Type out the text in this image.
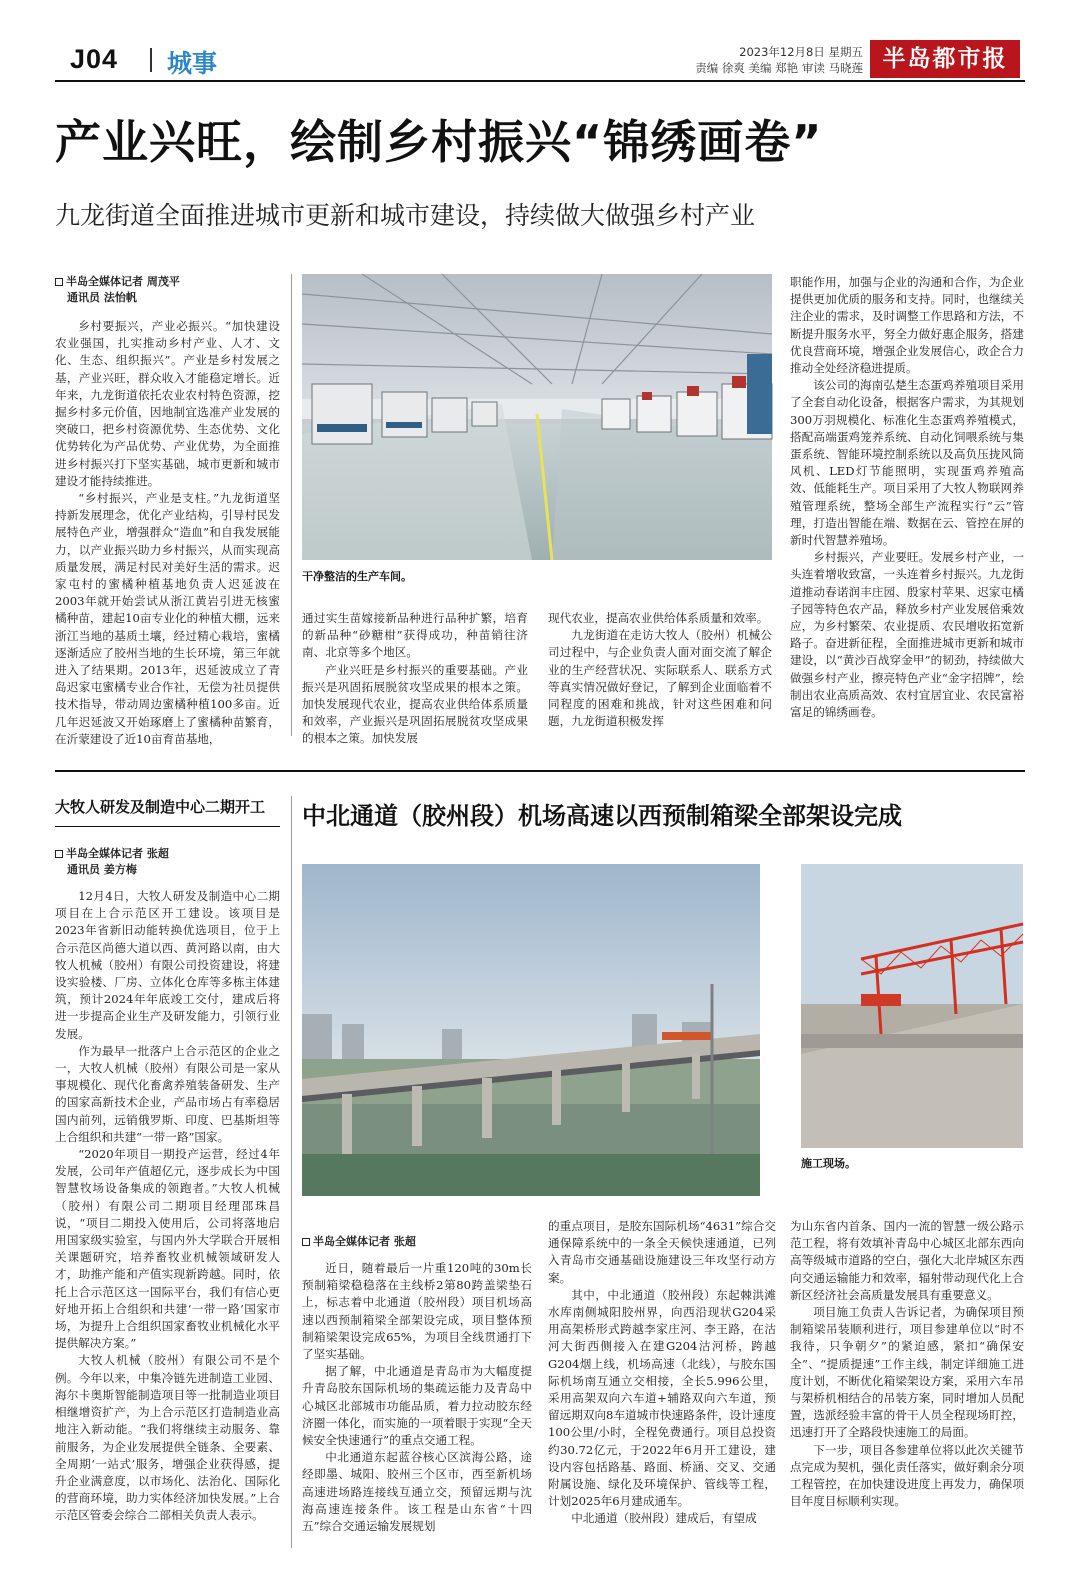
J04 城事	2023年12月8日 星期五
责编 徐爽 美编 郑艳 审读 马晓莲 半岛都市报
产业兴旺，绘制乡村振兴“锦绣画卷”
九龙街道全面推进城市更新和城市建设，持续做大做强乡村产业
半岛全媒体记者 周茂平
通讯员 法怡帆

乡村要振兴，产业必振兴。“加快建设农业强国，扎实推动乡村产业、人才、文化、生态、组织振兴”。产业是乡村发展之基，产业兴旺，群众收入才能稳定增长。近年来，九龙街道依托农业农村特色资源，挖掘乡村多元价值，因地制宜选准产业发展的突破口，把乡村资源优势、生态优势、文化优势转化为产品优势、产业优势，为全面推进乡村振兴打下坚实基础，城市更新和城市建设才能持续推进。

“乡村振兴，产业是支柱。”九龙街道坚持新发展理念，优化产业结构，引导村民发展特色产业，增强群众“造血”和自我发展能力，以产业振兴助力乡村振兴，从而实现高质量发展，满足村民对美好生活的需求。迟家屯村的蜜橘种植基地负责人迟延波在2003年就开始尝试从浙江黄岩引进无核蜜橘种苗，建起10亩专业化的种植大棚，远来浙江当地的基质土壤，经过精心栽培，蜜橘逐渐适应了胶州当地的生长环境，第三年就进入了结果期。2013年，迟延波成立了青岛迟家屯蜜橘专业合作社，无偿为社员提供技术指导，带动周边蜜橘种植100多亩。近几年迟延波又开始琢磨上了蜜橘种苗繁育，在沂蒙建设了近10亩育苗基地，

干净整洁的生产车间。

通过实生苗嫁接新品种进行品种扩繁，培育的新品种“砂糖柑”获得成功，种苗销往济南、北京等多个地区。

产业兴旺是乡村振兴的重要基础。产业振兴是巩固拓展脱贫攻坚成果的根本之策。加快发展现代农业，提高农业供给体系质量和效率，产业振兴是巩固拓展脱贫攻坚成果的根本之策。加快发展

现代农业，提高农业供给体系质量和效率。

九龙街道在走访大牧人（胶州）机械公司过程中，与企业负责人面对面交流了解企业的生产经营状况、实际联系人、联系方式等真实情况做好登记，了解到企业面临着不同程度的困难和挑战，针对这些困难和问题，九龙街道积极发挥

职能作用，加强与企业的沟通和合作，为企业提供更加优质的服务和支持。同时，也继续关注企业的需求，及时调整工作思路和方法，不断提升服务水平，努全力做好惠企服务，搭建优良营商环境，增强企业发展信心，政企合力推动全处经济稳进提质。

该公司的海南弘楚生态蛋鸡养殖项目采用了全套自动化设备，根据客户需求，为其规划300万羽规模化、标准化生态蛋鸡养殖模式，搭配高端蛋鸡笼养系统、自动化饲喂系统与集蛋系统、智能环境控制系统以及高负压拢风筒风机、LED灯节能照明，实现蛋鸡养殖高效、低能耗生产。项目采用了大牧人物联网养殖管理系统，整场全部生产流程实行“云”管理，打造出智能在端、数据在云、管控在屏的新时代智慧养殖场。

乡村振兴，产业要旺。发展乡村产业，一头连着增收致富，一头连着乡村振兴。九龙街道推动春诺润丰庄园、殷家村苹果、迟家屯橘子园等特色农产品，释放乡村产业发展倍乘效应，为乡村繁荣、农业提质、农民增收拓宽新路子。奋进新征程，全面推进城市更新和城市建设，以“黄沙百战穿金甲”的韧劲，持续做大做强乡村产业，擦亮特色产业“金字招牌”，绘制出农业高质高效、农村宜居宜业、农民富裕富足的锦绣画卷。

大牧人研发及制造中心二期开工
半岛全媒体记者 张超
通讯员 姜方梅

12月4日，大牧人研发及制造中心二期项目在上合示范区开工建设。该项目是2023年省新旧动能转换优选项目，位于上合示范区尚德大道以西、黄河路以南，由大牧人机械（胶州）有限公司投资建设，将建设实验楼、厂房、立体化仓库等多栋主体建筑，预计2024年年底竣工交付，建成后将进一步提高企业生产及研发能力，引领行业发展。

作为最早一批落户上合示范区的企业之一，大牧人机械（胶州）有限公司是一家从事规模化、现代化畜禽养殖装备研发、生产的国家高新技术企业，产品市场占有率稳居国内前列，远销俄罗斯、印度、巴基斯坦等上合组织和共建“一带一路”国家。

“2020年项目一期投产运营，经过4年发展，公司年产值超亿元，逐步成长为中国智慧牧场设备集成的领跑者。”大牧人机械（胶州）有限公司二期项目经理邵珠昌说，“项目二期投入使用后，公司将落地启用国家级实验室，与国内外大学联合开展相关课题研究，培养畜牧业机械领域研发人才，助推产能和产值实现新跨越。同时，依托上合示范区这一国际平台，我们有信心更好地开拓上合组织和共建‘一带一路’国家市场，为提升上合组织国家畜牧业机械化水平提供解决方案。”

大牧人机械（胶州）有限公司不是个例。今年以来，中集冷链先进制造工业园、海尔卡奥斯智能制造项目等一批制造业项目相继增资扩产，为上合示范区打造制造业高地注入新动能。“我们将继续主动服务、靠前服务，为企业发展提供全链条、全要素、全周期‘一站式’服务，增强企业获得感，提升企业满意度，以市场化、法治化、国际化的营商环境，助力实体经济加快发展。”上合示范区管委会综合二部相关负责人表示。

中北通道（胶州段）机场高速以西预制箱梁全部架设完成
施工现场。
半岛全媒体记者 张超

近日，随着最后一片重120吨的30m长预制箱梁稳稳落在主线桥2第80跨盖梁垫石上，标志着中北通道（胶州段）项目机场高速以西预制箱梁全部架设完成，项目整体预制箱梁架设完成65%，为项目全线贯通打下了坚实基础。

据了解，中北通道是青岛市为大幅度提升青岛胶东国际机场的集疏运能力及青岛中心城区北部城市功能品质，着力拉动胶东经济圈一体化，而实施的一项着眼于实现“全天候安全快速通行”的重点交通工程。

中北通道东起蓝谷核心区滨海公路，途经即墨、城阳、胶州三个区市，西至新机场高速进场路连接线互通立交，预留远期与沈海高速连接条件。该工程是山东省“十四五”综合交通运输发展规划

的重点项目，是胶东国际机场“4631”综合交通保障系统中的一条全天候快速通道，已列入青岛市交通基础设施建设三年攻坚行动方案。

其中，中北通道（胶州段）东起棘洪滩水库南侧城阳胶州界，向西沿现状G204采用高架桥形式跨越李家庄河、李王路，在沽河大街西侧接入在建G204沽河桥，跨越G204烟上线，机场高速（北线），与胶东国际机场南互通立交相接，全长5.996公里，采用高架双向六车道+辅路双向六车道，预留远期双向8车道城市快速路条件，设计速度100公里/小时，全程免费通行。项目总投资约30.72亿元，于2022年6月开工建设，建设内容包括路基、路面、桥涵、交叉、交通附属设施、绿化及环境保护、管线等工程，计划2025年6月建成通车。

中北通道（胶州段）建成后，有望成

为山东省内首条、国内一流的智慧一级公路示范工程，将有效填补青岛中心城区北部东西向高等级城市道路的空白，强化大北岸城区东西向交通运输能力和效率，辐射带动现代化上合新区经济社会高质量发展具有重要意义。

项目施工负责人告诉记者，为确保项目预制箱梁吊装顺利进行，项目参建单位以“时不我待，只争朝夕”的紧迫感，紧扣“确保安全”、“提质提速”工作主线，制定详细施工进度计划，不断优化箱梁架设方案，采用六车吊与架桥机相结合的吊装方案，同时增加人员配置，选派经验丰富的骨干人员全程现场盯控，迅速打开了全路段快速施工的局面。

下一步，项目各参建单位将以此次关键节点完成为契机，强化责任落实，做好剩余分项工程管控，在加快建设进度上再发力，确保项目年度目标顺利实现。
